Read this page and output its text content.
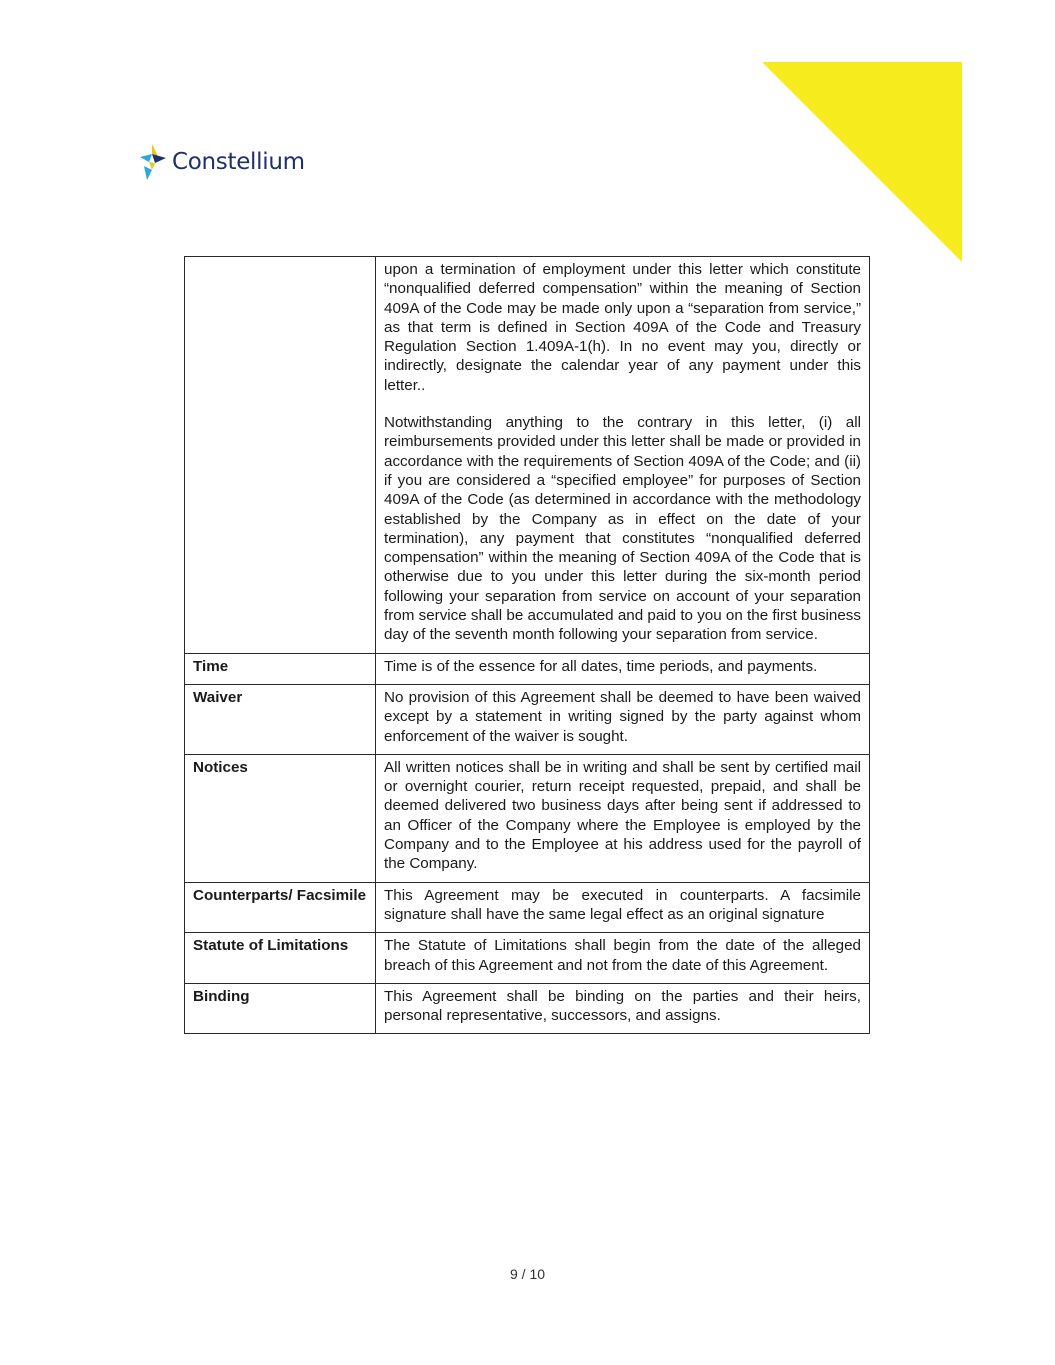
Constellium

	upon a termination of employment under this letter which constitute “nonqualified deferred compensation” within the meaning of Section 409A of the Code may be made only upon a “separation from service,” as that term is defined in Section 409A of the Code and Treasury Regulation Section 1.409A-1(h). In no event may you, directly or indirectly, designate the calendar year of any payment under this letter..

Notwithstanding anything to the contrary in this letter, (i) all reimbursements provided under this letter shall be made or provided in accordance with the requirements of Section 409A of the Code; and (ii) if you are considered a “specified employee” for purposes of Section 409A of the Code (as determined in accordance with the methodology established by the Company as in effect on the date of your termination), any payment that constitutes “nonqualified deferred compensation” within the meaning of Section 409A of the Code that is otherwise due to you under this letter during the six-month period following your separation from service on account of your separation from service shall be accumulated and paid to you on the first business day of the seventh month following your separation from service.

Time	Time is of the essence for all dates, time periods, and payments.
Waiver	No provision of this Agreement shall be deemed to have been waived except by a statement in writing signed by the party against whom enforcement of the waiver is sought.
Notices	All written notices shall be in writing and shall be sent by certified mail or overnight courier, return receipt requested, prepaid, and shall be deemed delivered two business days after being sent if addressed to an Officer of the Company where the Employee is employed by the Company and to the Employee at his address used for the payroll of the Company.
Counterparts/ Facsimile	This Agreement may be executed in counterparts. A facsimile signature shall have the same legal effect as an original signature
Statute of Limitations	The Statute of Limitations shall begin from the date of the alleged breach of this Agreement and not from the date of this Agreement.
Binding	This Agreement shall be binding on the parties and their heirs, personal representative, successors, and assigns.
9 / 10
